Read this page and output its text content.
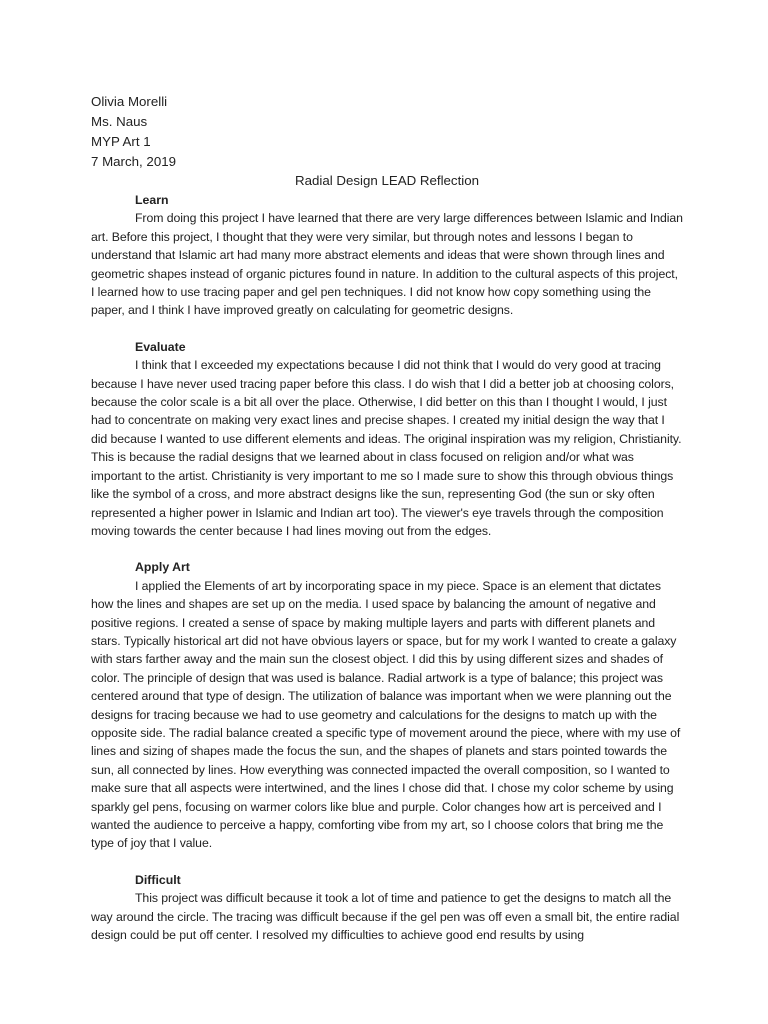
Olivia Morelli
Ms. Naus
MYP Art 1
7 March, 2019
Radial Design LEAD Reflection
Learn

From doing this project I have learned that there are very large differences between Islamic and Indian art. Before this project, I thought that they were very similar, but through notes and lessons I began to understand that Islamic art had many more abstract elements and ideas that were shown through lines and geometric shapes instead of organic pictures found in nature. In addition to the cultural aspects of this project, I learned how to use tracing paper and gel pen techniques. I did not know how copy something using the paper, and I think I have improved greatly on calculating for geometric designs.

Evaluate

I think that I exceeded my expectations because I did not think that I would do very good at tracing because I have never used tracing paper before this class. I do wish that I did a better job at choosing colors, because the color scale is a bit all over the place. Otherwise, I did better on this than I thought I would, I just had to concentrate on making very exact lines and precise shapes. I created my initial design the way that I did because I wanted to use different elements and ideas. The original inspiration was my religion, Christianity. This is because the radial designs that we learned about in class focused on religion and/or what was important to the artist. Christianity is very important to me so I made sure to show this through obvious things like the symbol of a cross, and more abstract designs like the sun, representing God (the sun or sky often represented a higher power in Islamic and Indian art too). The viewer's eye travels through the composition moving towards the center because I had lines moving out from the edges.

Apply Art

I applied the Elements of art by incorporating space in my piece. Space is an element that dictates how the lines and shapes are set up on the media. I used space by balancing the amount of negative and positive regions. I created a sense of space by making multiple layers and parts with different planets and stars. Typically historical art did not have obvious layers or space, but for my work I wanted to create a galaxy with stars farther away and the main sun the closest object. I did this by using different sizes and shades of color. The principle of design that was used is balance. Radial artwork is a type of balance; this project was centered around that type of design. The utilization of balance was important when we were planning out the designs for tracing because we had to use geometry and calculations for the designs to match up with the opposite side. The radial balance created a specific type of movement around the piece, where with my use of lines and sizing of shapes made the focus the sun, and the shapes of planets and stars pointed towards the sun, all connected by lines. How everything was connected impacted the overall composition, so I wanted to make sure that all aspects were intertwined, and the lines I chose did that. I chose my color scheme by using sparkly gel pens, focusing on warmer colors like blue and purple. Color changes how art is perceived and I wanted the audience to perceive a happy, comforting vibe from my art, so I choose colors that bring me the type of joy that I value.

Difficult

This project was difficult because it took a lot of time and patience to get the designs to match all the way around the circle. The tracing was difficult because if the gel pen was off even a small bit, the entire radial design could be put off center. I resolved my difficulties to achieve good end results by using
